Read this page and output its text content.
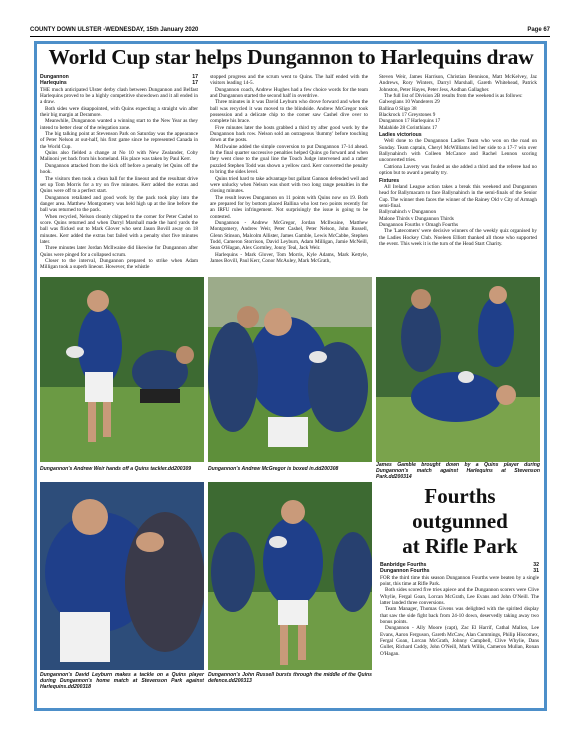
COUNTY DOWN ULSTER -WEDNESDAY, 15th January 2020	Page 67
World Cup star helps Dungannon to Harlequins draw
Dungannon	17
Harlequins	17

THE much anticipated Ulster derby clash between Dungannon and Belfast Harlequins proved to be a highly competitive showdown and it all ended in a draw.

Both sides were disappointed, with Quins expecting a straight win after their big margin at Deramore.

Meanwhile, Dungannon wanted a winning start to the New Year as they intend to better clear of the relegation zone.

The big talking point at Stevenson Park on Saturday was the appearance of Peter Nelson at out-half, his first game since he represented Canada in the World Cup.

Quins also fielded a change at No 10 with New Zealander, Coby Malinoni yet back from his homeland. His place was taken by Paul Kerr.

Dungannon attacked from the kick off before a penalty let Quins off the hook.

The visitors then took a clean ball for the lineout and the resultant drive set up Tom Morris for a try on five minutes. Kerr added the extras and Quins were off to a perfect start.

Dungannon retaliated and good work by the pack took play into the danger area. Matthew Montgomery was held high up at the line before the ball was returned to the pack.

When recycled, Nelson cleanly chipped to the corner for Peter Cashel to score. Quins returned and when Darryl Marshall made the hard yards the ball was flicked out to Mark Glover who sent Jason Bovill away on 18 minutes. Kerr added the extras but failed with a penalty shot five minutes later.

Three minutes later Jordan McIlwaine did likewise for Dungannon after Quins were pinged for a collapsed scrum.

Closer to the interval, Dungannon prepared to strike when Adam Milligan took a superb lineout. However, the whistle

stopped progress and the scrum went to Quins. The half ended with the visitors leading 14-5.

Dungannon coach, Andrew Hughes had a few choice words for the team and Dungannon started the second half in overdrive.

Three minutes in it was David Leyburn who drove forward and when the ball was recycled it was moved to the blindside. Andrew McGregor took possession and a delicate chip to the corner saw Cashel dive over to complete his brace.

Five minutes later the hosts grabbed a third try after good work by the Dungannon back row. Nelson sold an outrageous 'dummy' before touching down at the posts.

McIlwaine added the simple conversion to put Dungannon 17-14 ahead. In the final quarter successive penalties helped Quins go forward and when they went close to the goal line the Touch Judge intervened and a rather puzzled Stephen Todd was shown a yellow card. Kerr converted the penalty to bring the sides level.

Quins tried hard to take advantage but gallant Gannon defended well and were unlucky when Nelson was short with two long range penalties in the closing minutes.

The result leaves Dungannon on 11 points with Quins now on 19. Both are prepared for by bottom placed Ballina who lost two points recently for an IRFU rules infringement. Not surprisingly the issue is going to be contested.

Dungannon - Andrew McGregor, Jordan McIlwaine, Matthew Montgomery, Andrew Weir, Peter Cashel, Peter Nelson, John Russell, Glenn Stinson, Malcolm Allister, James Gamble, Lewis McCabbe, Stephen Todd, Cameron Storrison, David Leyburn, Adam Milligan, Jamie McNeill, Sean O'Hagan, Alex Gormley, Jonny Teal, Jack Weir.

Harlequins - Mark Glover, Tom Morris, Kyle Adams, Mark Kettyle, James Bovill, Paul Kerr, Conor McAuley, Mark McGrath,

Steven Weir, James Harrison, Christian Bennison, Matt McKelvey, Jaz Andrews, Rory Winters, Darryl Marshall, Gareth Whitehead, Patrick Johnston, Peter Hayes, Peter Jess, Aodhan Gallagher.

The full list of Division 2B results from the weekend is as follows:

Galwegians 10 Wanderers 29

Ballina 0 Sligo 38

Blackrock 17 Greystones 9

Dungannon 17 Harlequins 17

Malahide 28 Corinthians 17

Ladies victorious

Well done to the Dungannon Ladies Team who won on the road on Sunday. Team captain, Cheryl McWilliams led her side to a 17-7 win over Ballynahinch with Colleen McCance and Rachel Lennon scoring unconverted tries.

Catriona Laverty was fouled as she added a third and the referee had no option but to award a penalty try.

Fixtures

All Ireland League action takes a break this weekend and Dungannon head for Ballymacarn to face Ballynahinch in the semi-finals of the Senior Cup. The winner then faces the winner of the Rainey Old v City of Armagh semi-final.

Ballynahinch v Dungannon

Malone Thirds v Dungannon Thirds

Dungannon Fourths v Omagh Fourths

The 'Latecomers' were decisive winners of the weekly quiz organised by the Ladies Hockey Club. Noeleen Elliott thanked all those who supported the event. This week it is the turn of the Head Start Charity.

Dungannon's Andrew Weir hands off a Quins tackler.dd200309	Dungannon's Andrew McGregor is boxed in.dd200308
James Gamble brought down by a Quins player during Dungannon's match against Harlequins at Stevenson Park.dd200314
Dungannon's David Leyburn makes a tackle on a Quins player during Dungannon's home match at Stevenson Park against Harlequins.dd200318
Dungannon's John Russell bursts through the middle of the Quins defence.dd200313
Fourths
outgunned
at Rifle Park
Banbridge Fourths	32
Dungannon Fourths	31

FOR the third time this season Dungannon Fourths were beaten by a single point, this time at Rifle Park.

Both sides scored five tries apiece and the Dungannon scorers were Clive Whylie, Fergal Goan, Lorcan McGrath, Lee Evans and John O'Neill. The latter landed three conversions.

Team Manager, Thomas Givens was delighted with the spirited display that saw the side fight back from 24-10 down, deservedly taking away two bonus points.

Dungannon - Ally Moore (capt), Zac El Harrif, Cathal Mallon, Lee Evans, Aaron Ferguson, Gareth McCaw, Alan Cummings, Philip Hiscomex, Fergal Goan, Lorcan McGrath, Johnny Campbell, Clive Whylie, Dans Gullet, Richard Caddy, John O'Neill, Mark Willis, Cameron Mullan, Ronan O'Hagan.
